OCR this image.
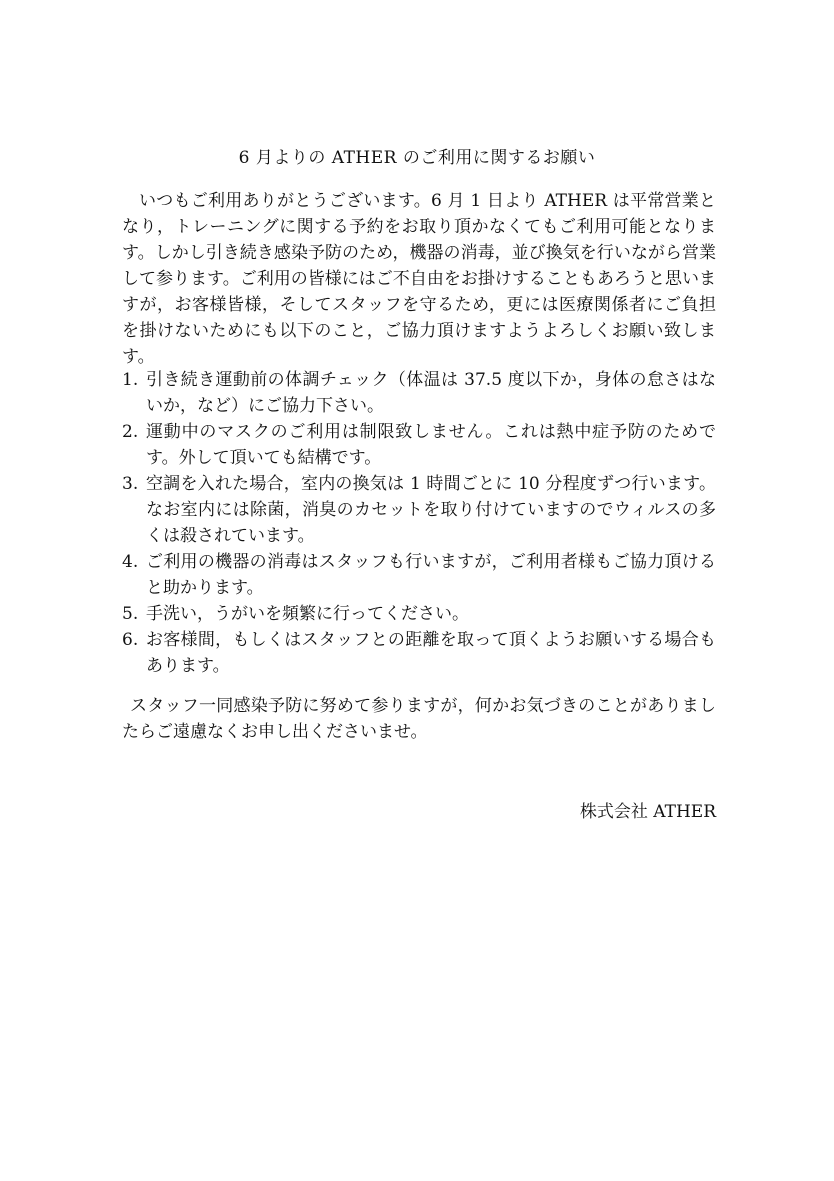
6 月よりの ATHER のご利用に関するお願い

いつもご利用ありがとうございます。6 月 1 日より ATHER は平常営業となり，トレーニングに関する予約をお取り頂かなくてもご利用可能となります。しかし引き続き感染予防のため，機器の消毒，並び換気を行いながら営業して参ります。ご利用の皆様にはご不自由をお掛けすることもあろうと思いますが，お客様皆様，そしてスタッフを守るため，更には医療関係者にご負担を掛けないためにも以下のこと，ご協力頂けますようよろしくお願い致します。

1. 引き続き運動前の体調チェック（体温は 37.5 度以下か，身体の怠さはないか，など）にご協力下さい。
2. 運動中のマスクのご利用は制限致しません。これは熱中症予防のためです。外して頂いても結構です。
3. 空調を入れた場合，室内の換気は 1 時間ごとに 10 分程度ずつ行います。なお室内には除菌，消臭のカセットを取り付けていますのでウィルスの多くは殺されています。
4. ご利用の機器の消毒はスタッフも行いますが，ご利用者様もご協力頂けると助かります。
5. 手洗い，うがいを頻繁に行ってください。
6. お客様間，もしくはスタッフとの距離を取って頂くようお願いする場合もあります。

スタッフ一同感染予防に努めて参りますが，何かお気づきのことがありましたらご遠慮なくお申し出くださいませ。

株式会社 ATHER
